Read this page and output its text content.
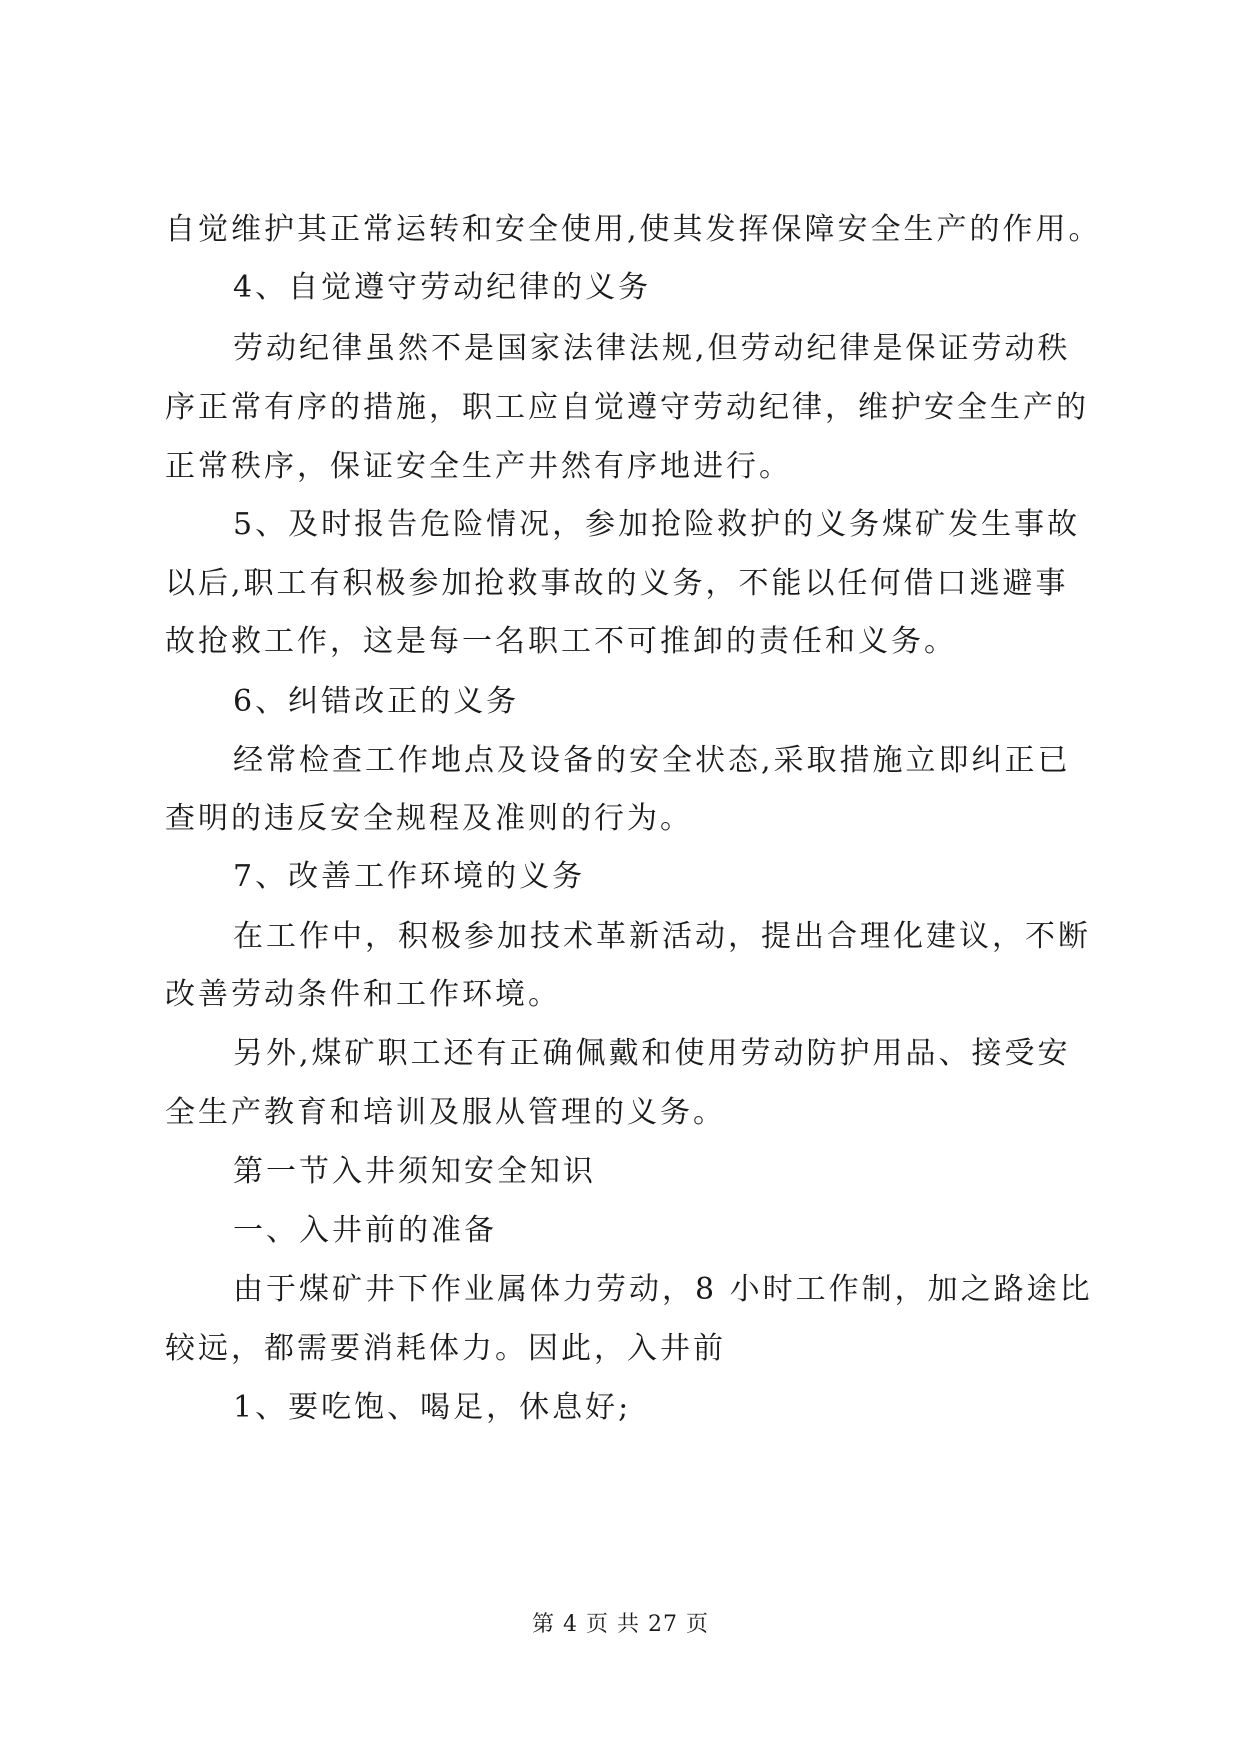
自觉维护其正常运转和安全使用,使其发挥保障安全生产的作用。
4、自觉遵守劳动纪律的义务
劳动纪律虽然不是国家法律法规,但劳动纪律是保证劳动秩
序正常有序的措施，职工应自觉遵守劳动纪律，维护安全生产的
正常秩序，保证安全生产井然有序地进行。
5、及时报告危险情况，参加抢险救护的义务煤矿发生事故
以后,职工有积极参加抢救事故的义务，不能以任何借口逃避事
故抢救工作，这是每一名职工不可推卸的责任和义务。
6、纠错改正的义务
经常检查工作地点及设备的安全状态,采取措施立即纠正已
查明的违反安全规程及准则的行为。
7、改善工作环境的义务
在工作中，积极参加技术革新活动，提出合理化建议，不断
改善劳动条件和工作环境。
另外,煤矿职工还有正确佩戴和使用劳动防护用品、接受安
全生产教育和培训及服从管理的义务。
第一节入井须知安全知识
一、入井前的准备
由于煤矿井下作业属体力劳动，8 小时工作制，加之路途比
较远，都需要消耗体力。因此，入井前
1、要吃饱、喝足，休息好;
第 4 页 共 27 页
